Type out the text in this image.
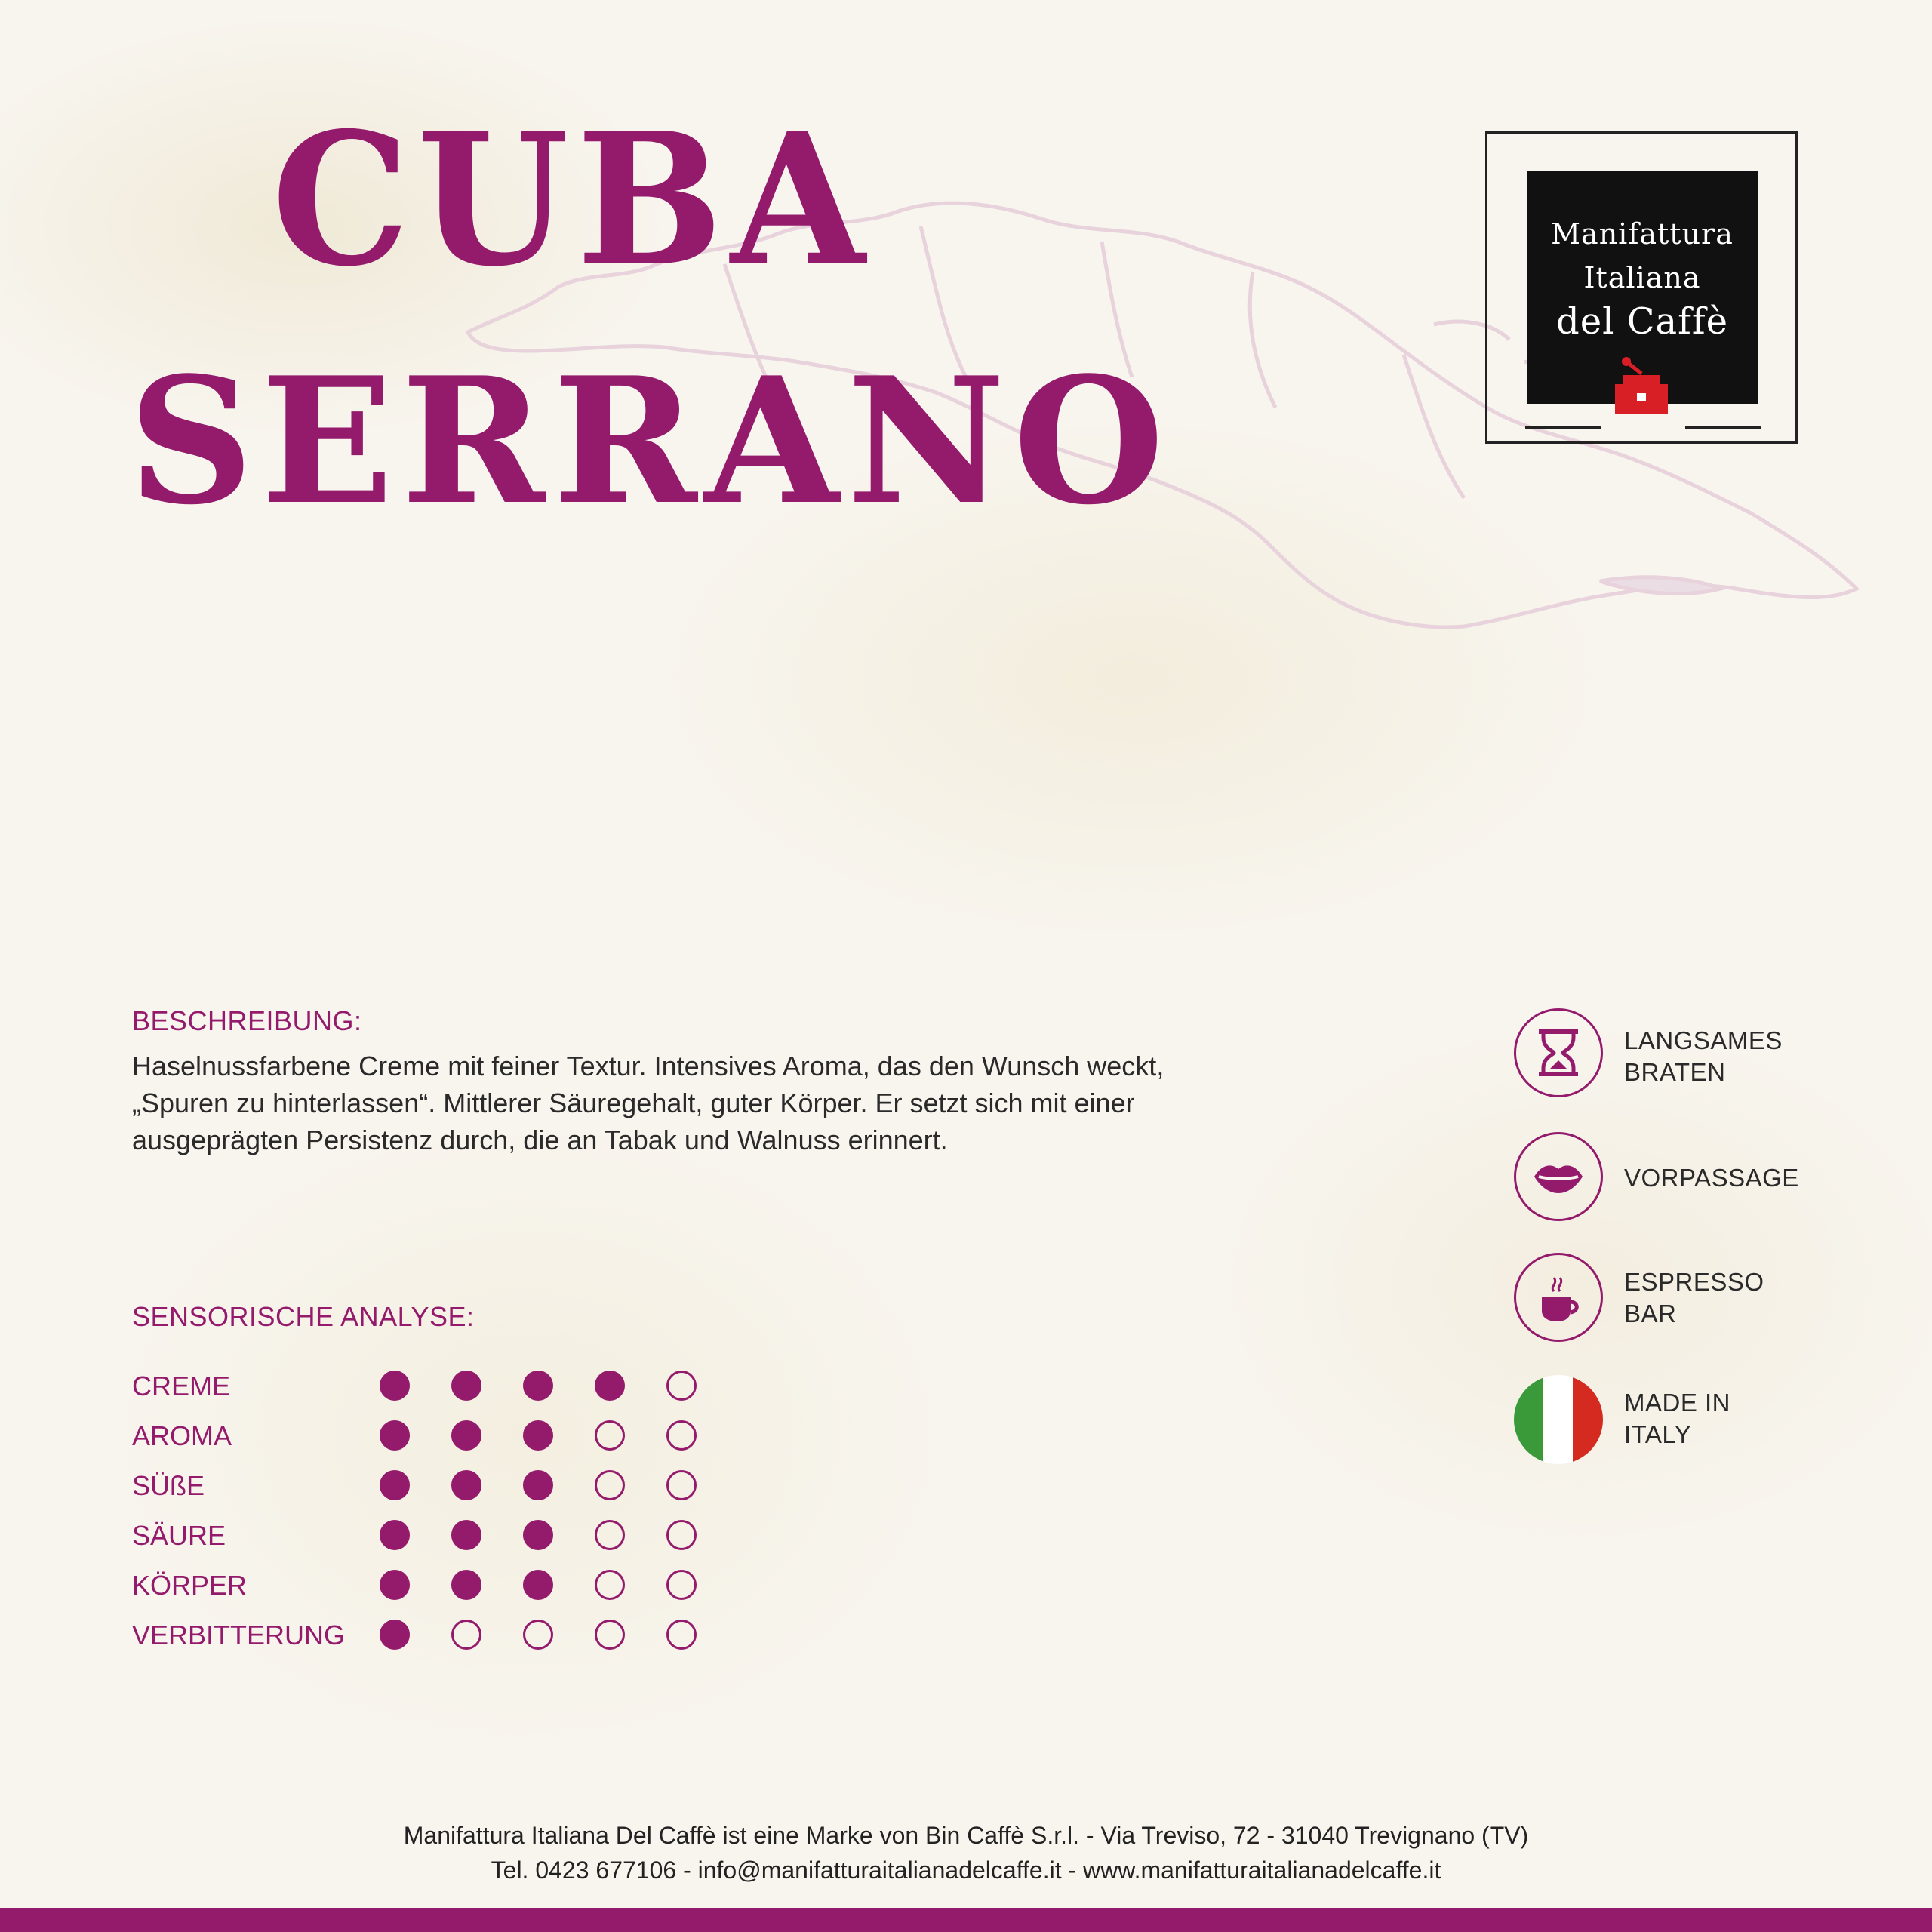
CUBA
SERRANO
Manifattura
Italiana
del Caffè
BESCHREIBUNG:
Haselnussfarbene Creme mit feiner Textur. Intensives Aroma, das den Wunsch weckt, „Spuren zu hinterlassen“. Mittlerer Säuregehalt, guter Körper. Er setzt sich mit einer ausgeprägten Persistenz durch, die an Tabak und Walnuss erinnert.
SENSORISCHE ANALYSE:
CREME
AROMA
SÜßE
SÄURE
KÖRPER
VERBITTERUNG
LANGSAMES
BRATEN
VORPASSAGE
ESPRESSO
BAR
MADE IN
ITALY
Manifattura Italiana Del Caffè ist eine Marke von Bin Caffè S.r.l. - Via Treviso, 72 - 31040 Trevignano (TV)
Tel. 0423 677106 - info@manifatturaitalianadelcaffe.it - www.manifatturaitalianadelcaffe.it
